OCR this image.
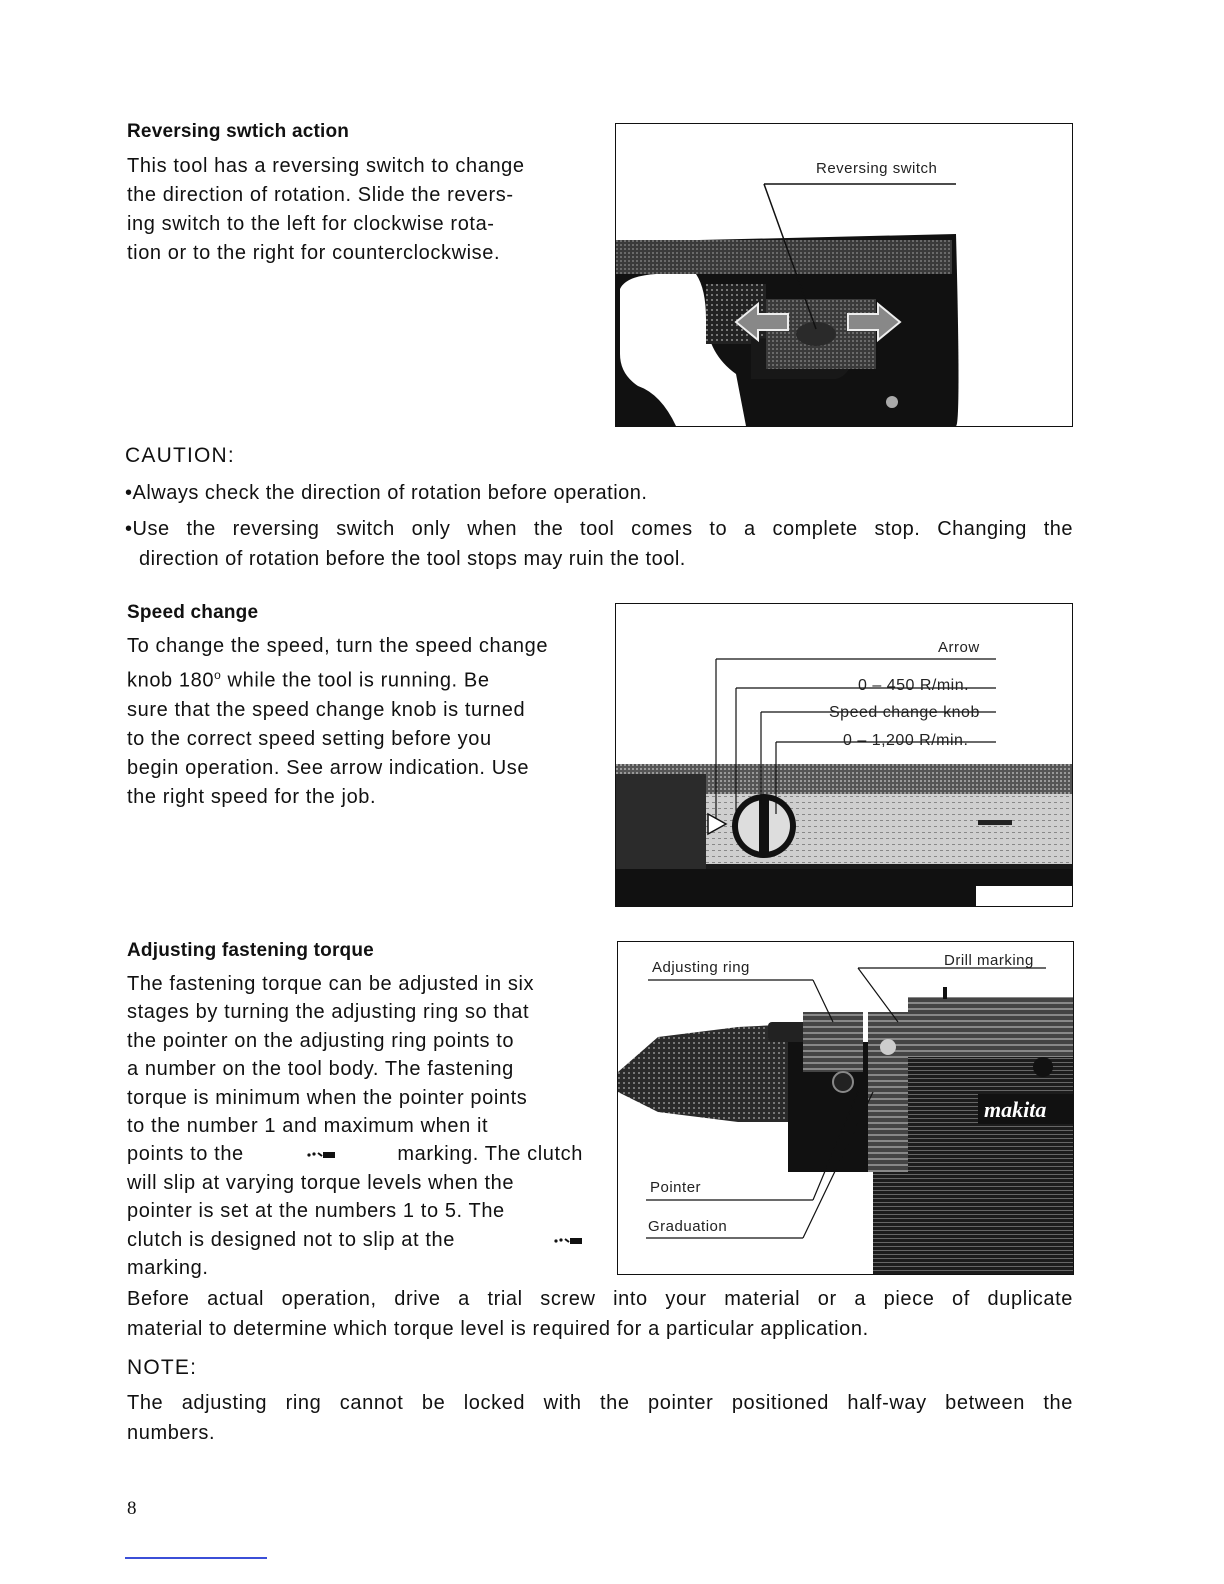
Reversing swtich action
This tool has a reversing switch to change
the direction of rotation. Slide the revers-
ing switch to the left for clockwise rota-
tion or to the right for counterclockwise.
Reversing switch
CAUTION:
•Always check the direction of rotation before operation.
•Use the reversing switch only when the tool comes to a complete stop. Changing the
direction of rotation before the tool stops may ruin the tool.
Speed change
To change the speed, turn the speed change
knob 180$^o$ while the tool is running. Be
sure that the speed change knob is turned
to the correct speed setting before you
begin operation. See arrow indication. Use
the right speed for the job.
Arrow
0 – 450 R/min.
Speed change knob
0 – 1,200 R/min.
Adjusting fastening torque
The fastening torque can be adjusted in six
stages by turning the adjusting ring so that
the pointer on the adjusting ring points to
a number on the tool body. The fastening
torque is minimum when the pointer points
to the number 1 and maximum when it
points to the	marking. The clutch
will slip at varying torque levels when the
pointer is set at the numbers 1 to 5. The
clutch is designed not to slip at the
marking.
makita
Adjusting ring	Drill marking
Pointer
Graduation
Before actual operation, drive a trial screw into your material or a piece of duplicate
material to determine which torque level is required for a particular application.
NOTE:
The adjusting ring cannot be locked with the pointer positioned half-way between the
numbers.
8
